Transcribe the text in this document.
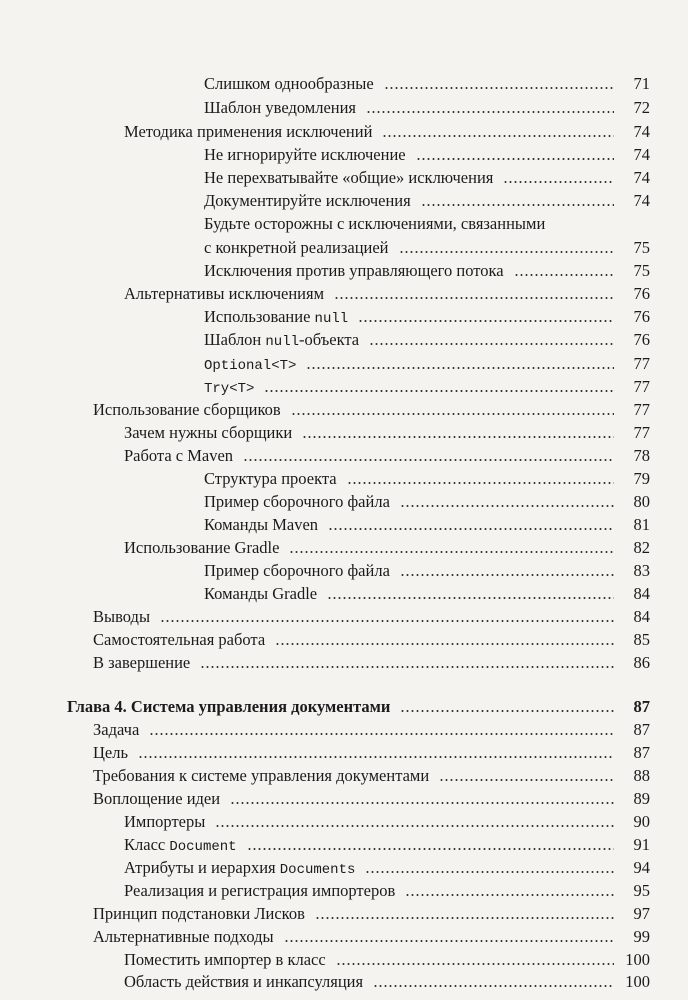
Слишком однообразные	71
Шаблон уведомления	72
Методика применения исключений	74
Не игнорируйте исключение	74
Не перехватывайте «общие» исключения	74
Документируйте исключения	74
Будьте осторожны с исключениями, связанными
с конкретной реализацией	75
Исключения против управляющего потока	75
Альтернативы исключениям	76
Использование null	76
Шаблон null-объекта	76
Optional<T>	77
Try<T>	77
Использование сборщиков	77
Зачем нужны сборщики	77
Работа с Maven	78
Структура проекта	79
Пример сборочного файла	80
Команды Maven	81
Использование Gradle	82
Пример сборочного файла	83
Команды Gradle	84
Выводы	84
Самостоятельная работа	85
В завершение	86
Глава 4. Система управления документами	87
Задача	87
Цель	87
Требования к системе управления документами	88
Воплощение идеи	89
Импортеры	90
Класс Document	91
Атрибуты и иерархия Documents	94
Реализация и регистрация импортеров	95
Принцип подстановки Лисков	97
Альтернативные подходы	99
Поместить импортер в класс	100
Область действия и инкапсуляция	100
